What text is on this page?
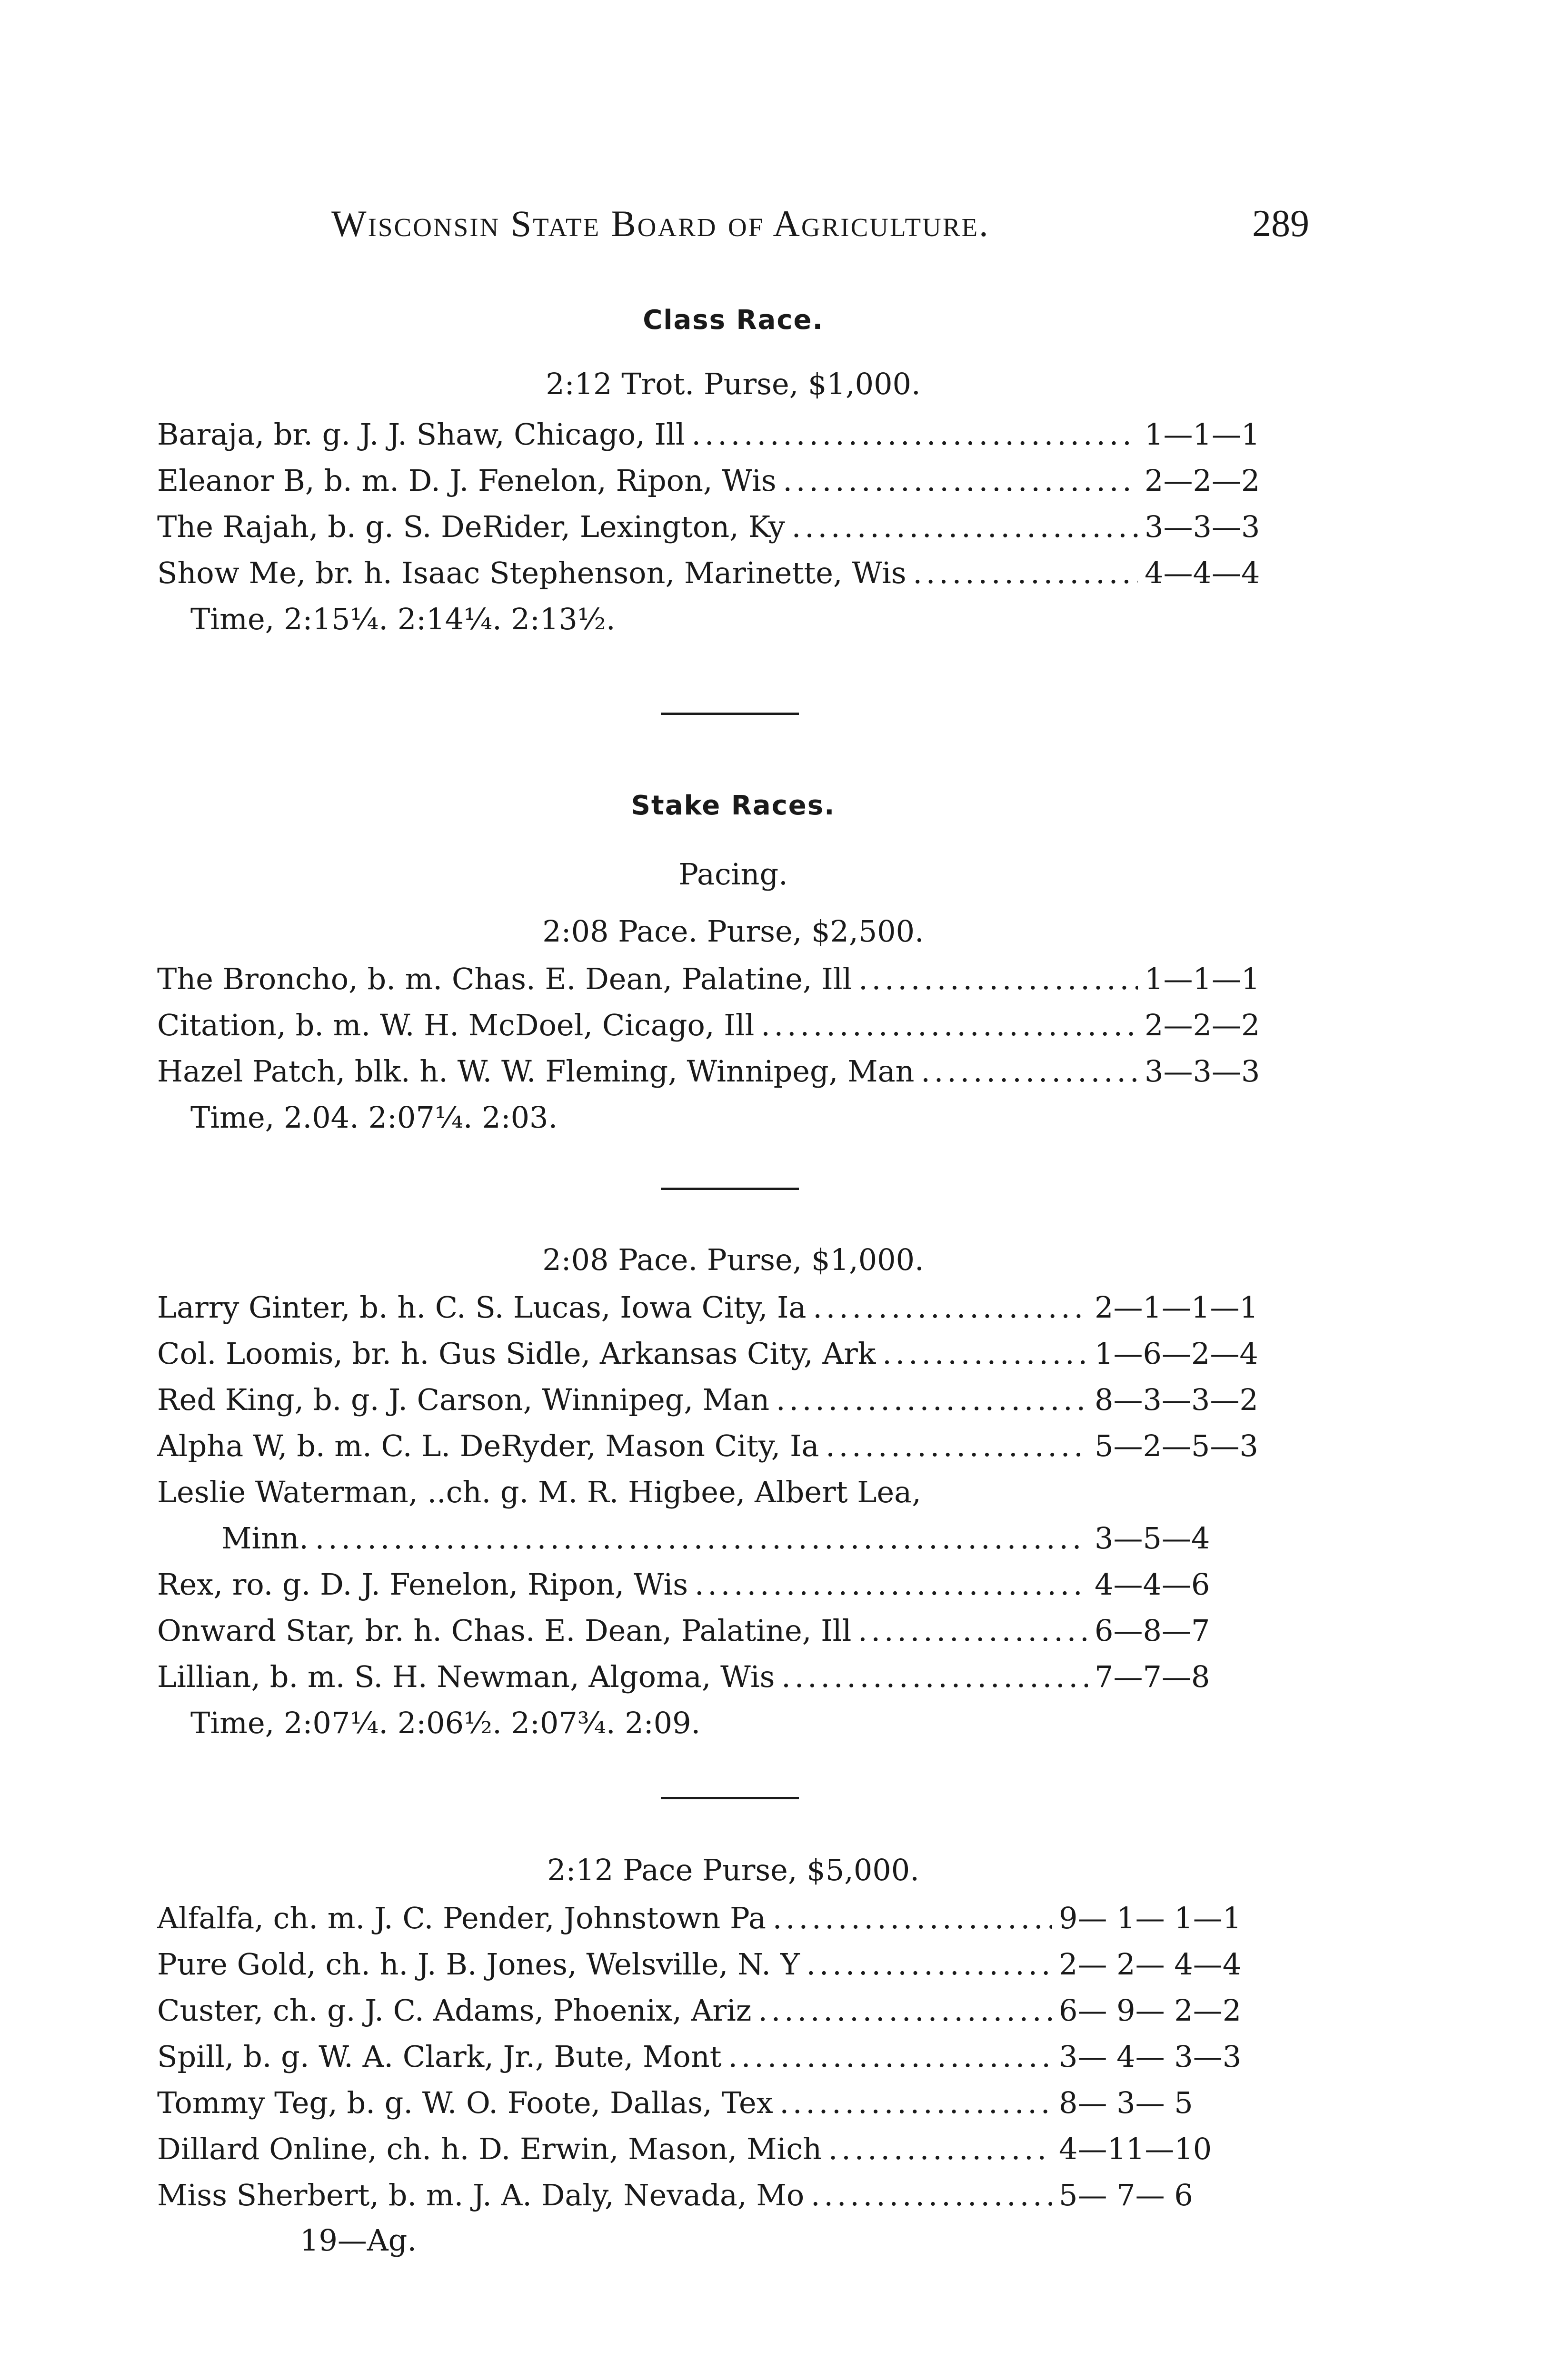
Wisconsin State Board of Agriculture.	289
Class Race.
2:12 Trot. Purse, $1,000.
Baraja, br. g. J. J. Shaw, Chicago, Ill . . .	1—1—1
Eleanor B, b. m. D. J. Fenelon, Ripon, Wis . . .	2—2—2
The Rajah, b. g. S. DeRider, Lexington, Ky . . .	3—3—3
Show Me, br. h. Isaac Stephenson, Marinette, Wis . . .	4—4—4
Time, 2:15¼. 2:14¼. 2:13½.
Stake Races.
Pacing.
2:08 Pace. Purse, $2,500.
The Broncho, b. m. Chas. E. Dean, Palatine, Ill . . .	1—1—1
Citation, b. m. W. H. McDoel, Cicago, Ill . . .	2—2—2
Hazel Patch, blk. h. W. W. Fleming, Winnipeg, Man . . .	3—3—3
Time, 2.04. 2:07¼. 2:03.
2:08 Pace. Purse, $1,000.
Larry Ginter, b. h. C. S. Lucas, Iowa City, Ia . . .	2—1—1—1
Col. Loomis, br. h. Gus Sidle, Arkansas City, Ark . . .	1—6—2—4
Red King, b. g. J. Carson, Winnipeg, Man . . .	8—3—3—2
Alpha W, b. m. C. L. DeRyder, Mason City, Ia . . .	5—2—5—3
Leslie Waterman, ..ch. g. M. R. Higbee, Albert Lea,
Minn. . . .	3—5—4
Rex, ro. g. D. J. Fenelon, Ripon, Wis . . .	4—4—6
Onward Star, br. h. Chas. E. Dean, Palatine, Ill . . .	6—8—7
Lillian, b. m. S. H. Newman, Algoma, Wis . . .	7—7—8
Time, 2:07¼. 2:06½. 2:07¾. 2:09.
2:12 Pace Purse, $5,000.
Alfalfa, ch. m. J. C. Pender, Johnstown Pa . . .	9— 1— 1—1
Pure Gold, ch. h. J. B. Jones, Welsville, N. Y . . .	2— 2— 4—4
Custer, ch. g. J. C. Adams, Phoenix, Ariz . . .	6— 9— 2—2
Spill, b. g. W. A. Clark, Jr., Bute, Mont . . .	3— 4— 3—3
Tommy Teg, b. g. W. O. Foote, Dallas, Tex . . .	8— 3— 5
Dillard Online, ch. h. D. Erwin, Mason, Mich . . .	4—11—10
Miss Sherbert, b. m. J. A. Daly, Nevada, Mo . . .	5— 7— 6
19—Ag.
